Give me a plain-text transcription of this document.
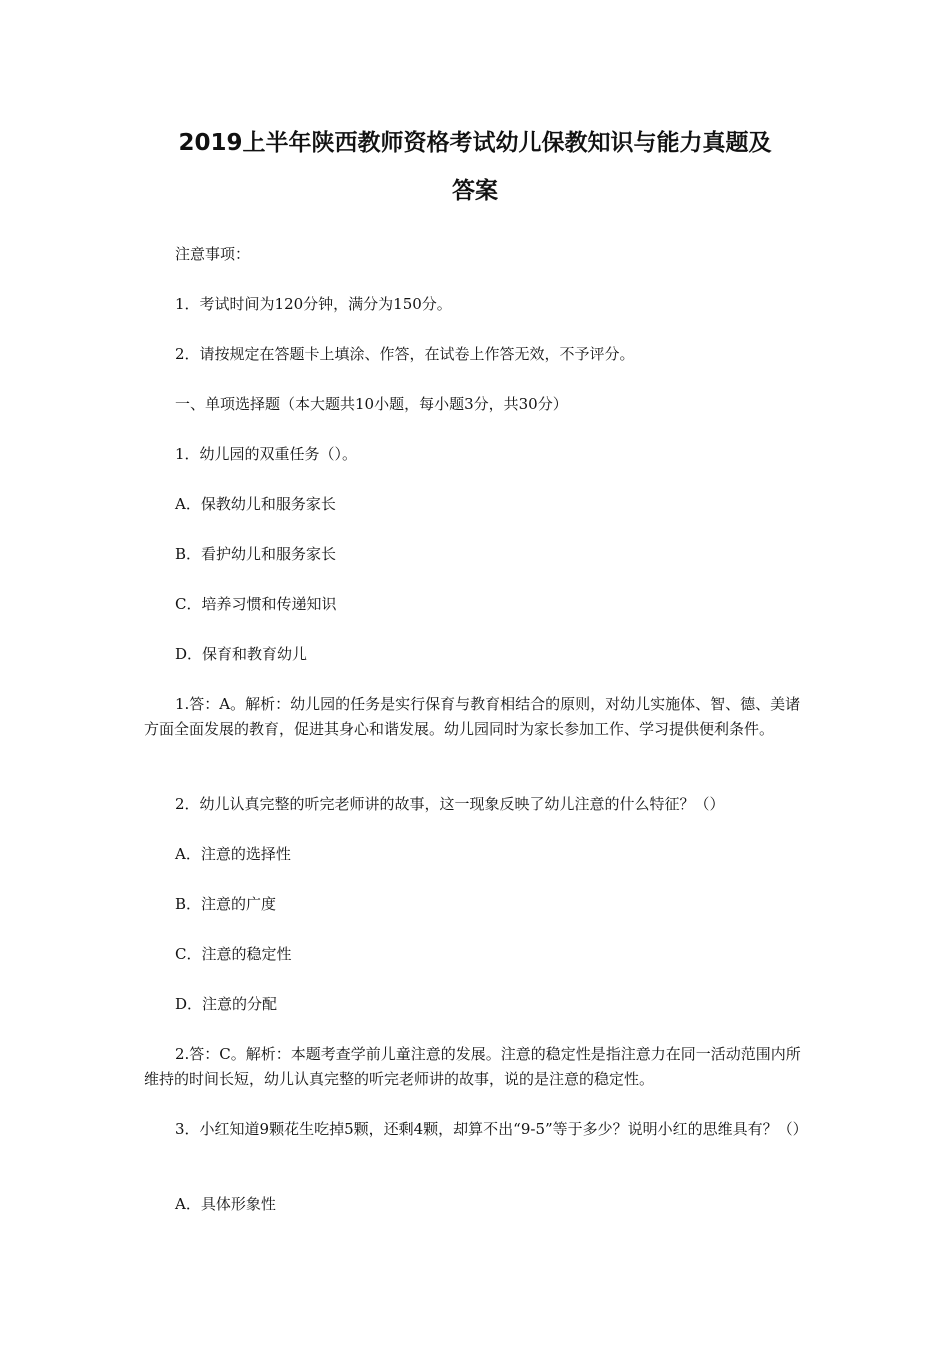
2019上半年陕西教师资格考试幼儿保教知识与能力真题及
答案

注意事项：

1．考试时间为120分钟，满分为150分。

2．请按规定在答题卡上填涂、作答，在试卷上作答无效，不予评分。

一、单项选择题（本大题共10小题，每小题3分，共30分）

1．幼儿园的双重任务（）。

A．保教幼儿和服务家长

B．看护幼儿和服务家长

C．培养习惯和传递知识

D．保育和教育幼儿

1.答：A。解析：幼儿园的任务是实行保育与教育相结合的原则，对幼儿实施体、智、德、美诸方面全面发展的教育，促进其身心和谐发展。幼儿园同时为家长参加工作、学习提供便利条件。

2．幼儿认真完整的听完老师讲的故事，这一现象反映了幼儿注意的什么特征？（）

A．注意的选择性

B．注意的广度

C．注意的稳定性

D．注意的分配

2.答：C。解析：本题考查学前儿童注意的发展。注意的稳定性是指注意力在同一活动范围内所维持的时间长短，幼儿认真完整的听完老师讲的故事，说的是注意的稳定性。

3．小红知道9颗花生吃掉5颗，还剩4颗，却算不出“9-5”等于多少？说明小红的思维具有？（）

A．具体形象性
